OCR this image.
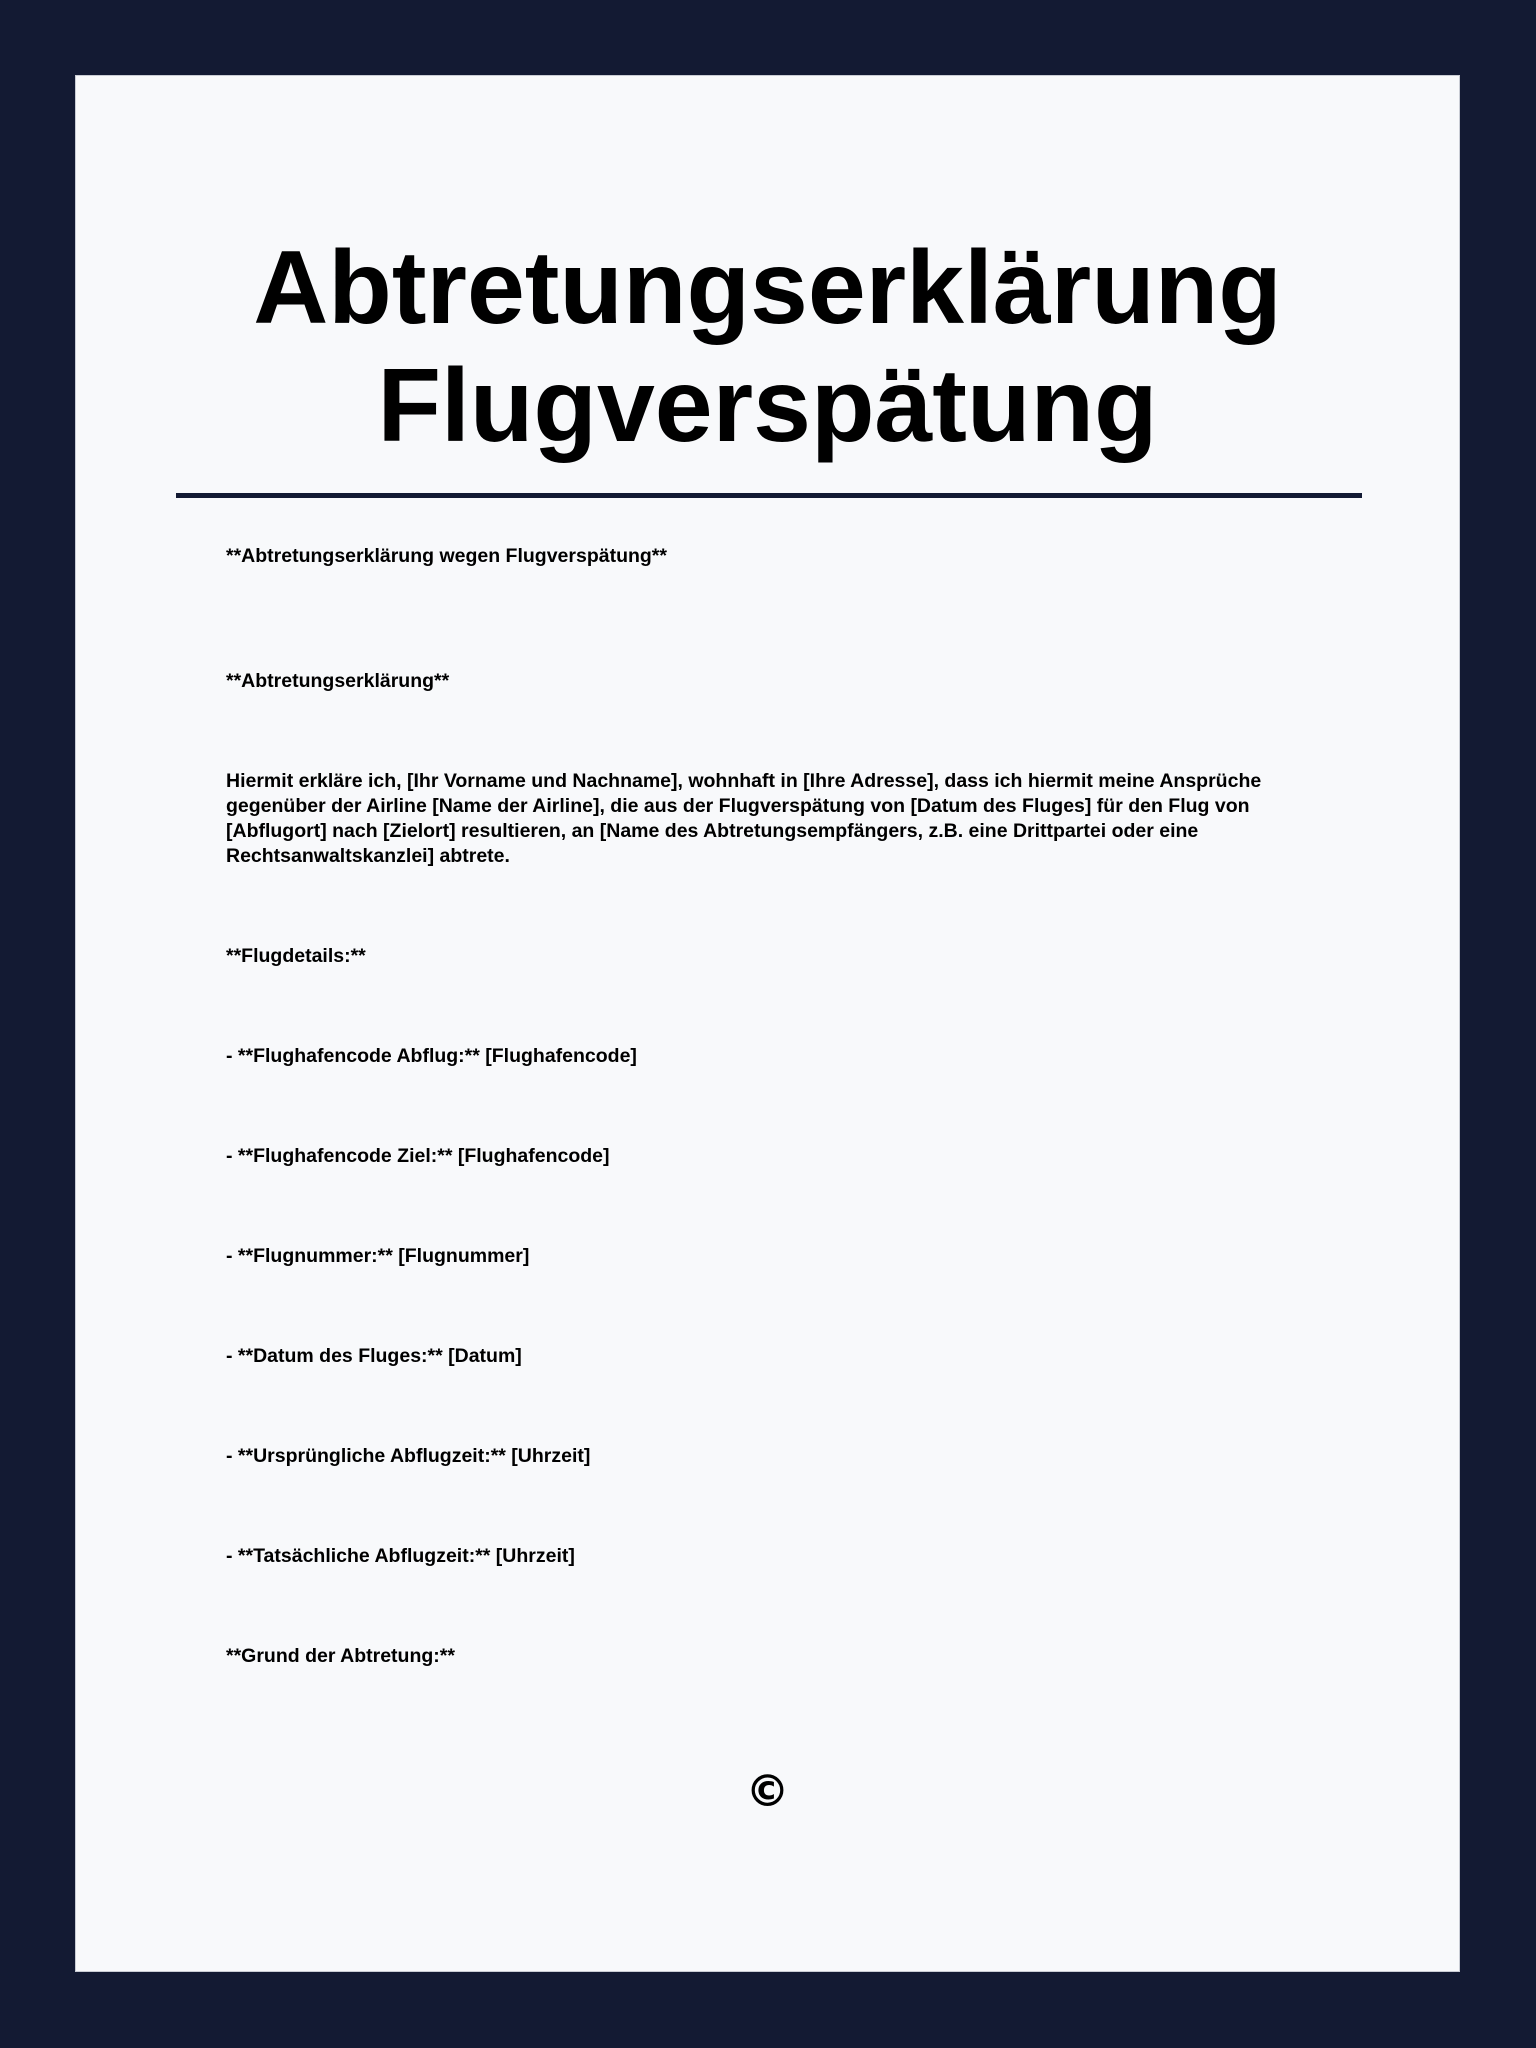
Abtretungserklärung
Flugverspätung

**Abtretungserklärung wegen Flugverspätung**

**Abtretungserklärung**

Hiermit erkläre ich, [Ihr Vorname und Nachname], wohnhaft in [Ihre Adresse], dass ich hiermit meine Ansprüche gegenüber der Airline [Name der Airline], die aus der Flugverspätung von [Datum des Fluges] für den Flug von [Abflugort] nach [Zielort] resultieren, an [Name des Abtretungsempfängers, z.B. eine Drittpartei oder eine Rechtsanwaltskanzlei] abtrete.

**Flugdetails:**

- **Flughafencode Abflug:** [Flughafencode]

- **Flughafencode Ziel:** [Flughafencode]

- **Flugnummer:** [Flugnummer]

- **Datum des Fluges:** [Datum]

- **Ursprüngliche Abflugzeit:** [Uhrzeit]

- **Tatsächliche Abflugzeit:** [Uhrzeit]

**Grund der Abtretung:**

©
